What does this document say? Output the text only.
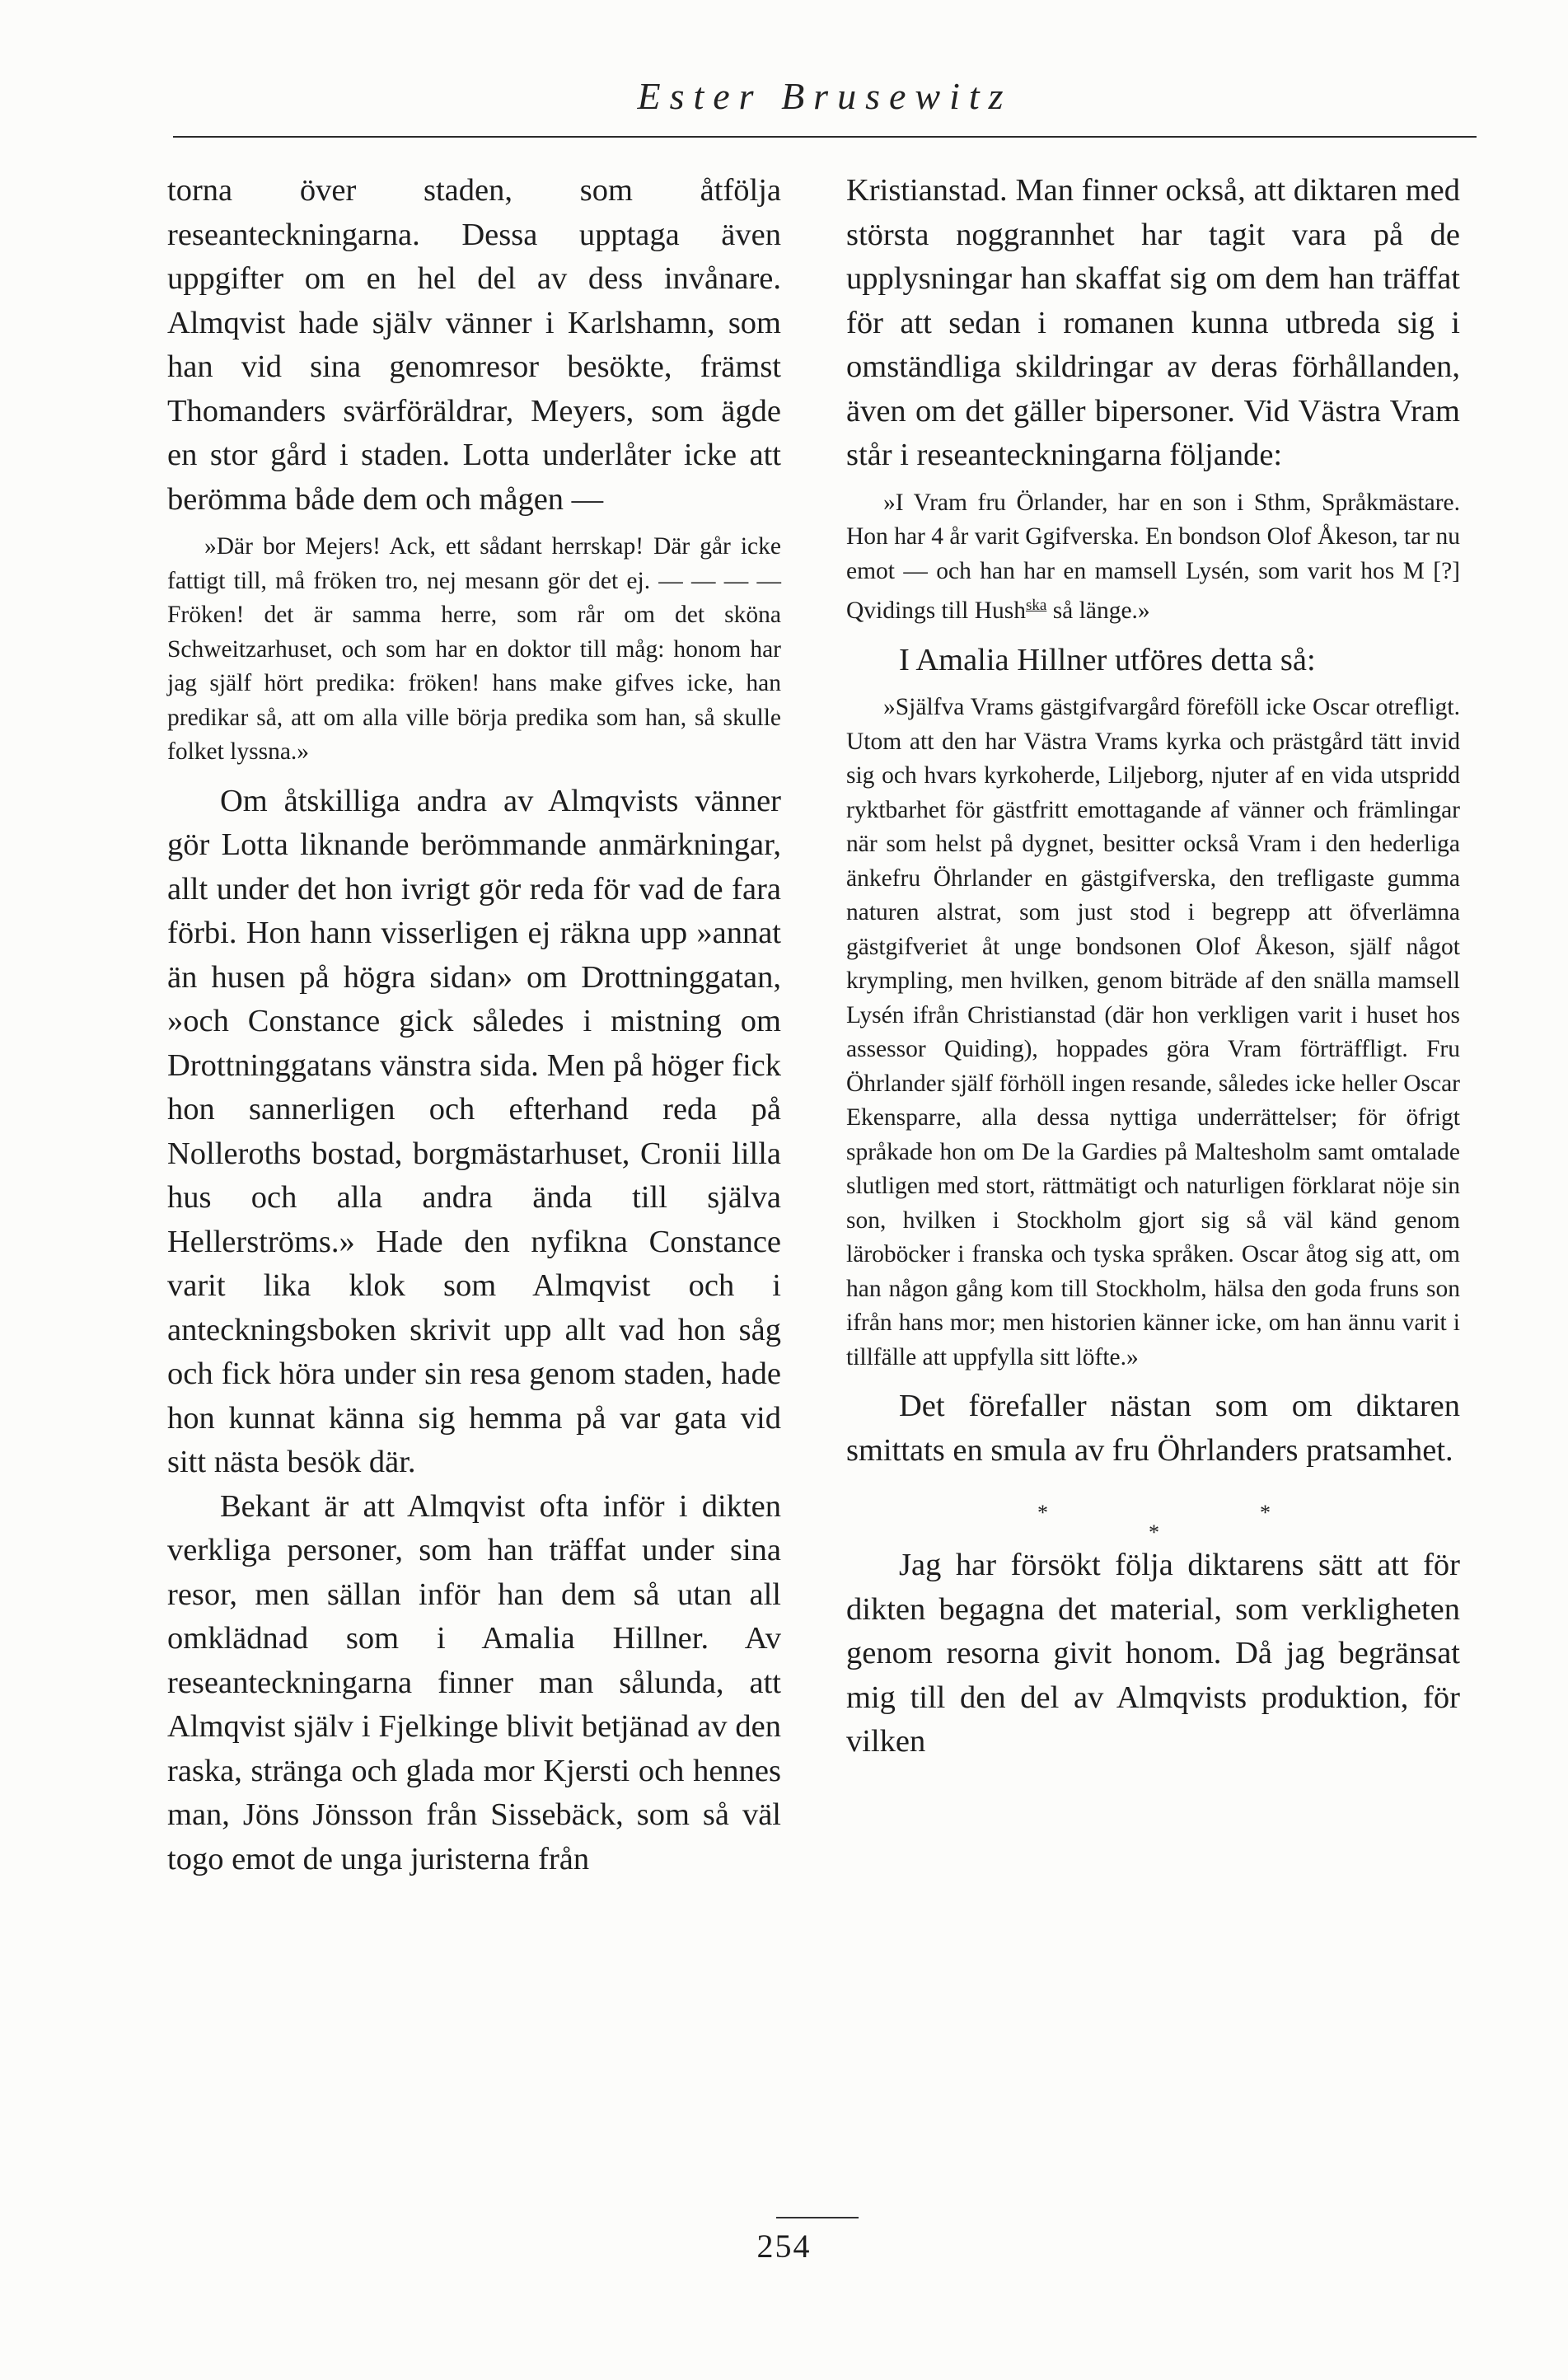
Ester Brusewitz

torna över staden, som åtfölja reseanteckningarna. Dessa upptaga även uppgifter om en hel del av dess invånare. Almqvist hade själv vänner i Karlshamn, som han vid sina genomresor besökte, främst Thomanders svärföräldrar, Meyers, som ägde en stor gård i staden. Lotta underlåter icke att berömma både dem och mågen —

»Där bor Mejers! Ack, ett sådant herrskap! Där går icke fattigt till, må fröken tro, nej mesann gör det ej. — — — — Fröken! det är samma herre, som rår om det sköna Schweitzarhuset, och som har en doktor till måg: honom har jag själf hört predika: fröken! hans make gifves icke, han predikar så, att om alla ville börja predika som han, så skulle folket lyssna.»

Om åtskilliga andra av Almqvists vänner gör Lotta liknande berömmande anmärkningar, allt under det hon ivrigt gör reda för vad de fara förbi. Hon hann visserligen ej räkna upp »annat än husen på högra sidan» om Drottninggatan, »och Constance gick således i mistning om Drottninggatans vänstra sida. Men på höger fick hon sannerligen och efterhand reda på Nolleroths bostad, borgmästarhuset, Cronii lilla hus och alla andra ända till själva Hellerströms.» Hade den nyfikna Constance varit lika klok som Almqvist och i anteckningsboken skrivit upp allt vad hon såg och fick höra under sin resa genom staden, hade hon kunnat känna sig hemma på var gata vid sitt nästa besök där.

Bekant är att Almqvist ofta inför i dikten verkliga personer, som han träffat under sina resor, men sällan inför han dem så utan all omklädnad som i Amalia Hillner. Av reseanteckningarna finner man sålunda, att Almqvist själv i Fjelkinge blivit betjänad av den raska, stränga och glada mor Kjersti och hennes man, Jöns Jönsson från Sissebäck, som så väl togo emot de unga juristerna från

Kristianstad. Man finner också, att diktaren med största noggrannhet har tagit vara på de upplysningar han skaffat sig om dem han träffat för att sedan i romanen kunna utbreda sig i omständliga skildringar av deras förhållanden, även om det gäller bipersoner. Vid Västra Vram står i reseanteckningarna följande:

»I Vram fru Örlander, har en son i Sthm, Språkmästare. Hon har 4 år varit Ggifverska. En bondson Olof Åkeson, tar nu emot — och han har en mamsell Lysén, som varit hos M [?] Qvidings till Hush$^{ska}$ så länge.»

I Amalia Hillner utföres detta så:

»Själfva Vrams gästgifvargård föreföll icke Oscar otrefligt. Utom att den har Västra Vrams kyrka och prästgård tätt invid sig och hvars kyrkoherde, Liljeborg, njuter af en vida utspridd ryktbarhet för gästfritt emottagande af vänner och främlingar när som helst på dygnet, besitter också Vram i den hederliga änkefru Öhrlander en gästgifverska, den trefligaste gumma naturen alstrat, som just stod i begrepp att öfverlämna gästgifveriet åt unge bondsonen Olof Åkeson, själf något krympling, men hvilken, genom biträde af den snälla mamsell Lysén ifrån Christianstad (där hon verkligen varit i huset hos assessor Quiding), hoppades göra Vram förträffligt. Fru Öhrlander själf förhöll ingen resande, således icke heller Oscar Ekensparre, alla dessa nyttiga underrättelser; för öfrigt språkade hon om De la Gardies på Maltesholm samt omtalade slutligen med stort, rättmätigt och naturligen förklarat nöje sin son, hvilken i Stockholm gjort sig så väl känd genom läroböcker i franska och tyska språken. Oscar åtog sig att, om han någon gång kom till Stockholm, hälsa den goda fruns son ifrån hans mor; men historien känner icke, om han ännu varit i tillfälle att uppfylla sitt löfte.»

Det förefaller nästan som om diktaren smittats en smula av fru Öhrlanders pratsamhet.

*
*
*

Jag har försökt följa diktarens sätt att för dikten begagna det material, som verkligheten genom resorna givit honom. Då jag begränsat mig till den del av Almqvists produktion, för vilken

254
